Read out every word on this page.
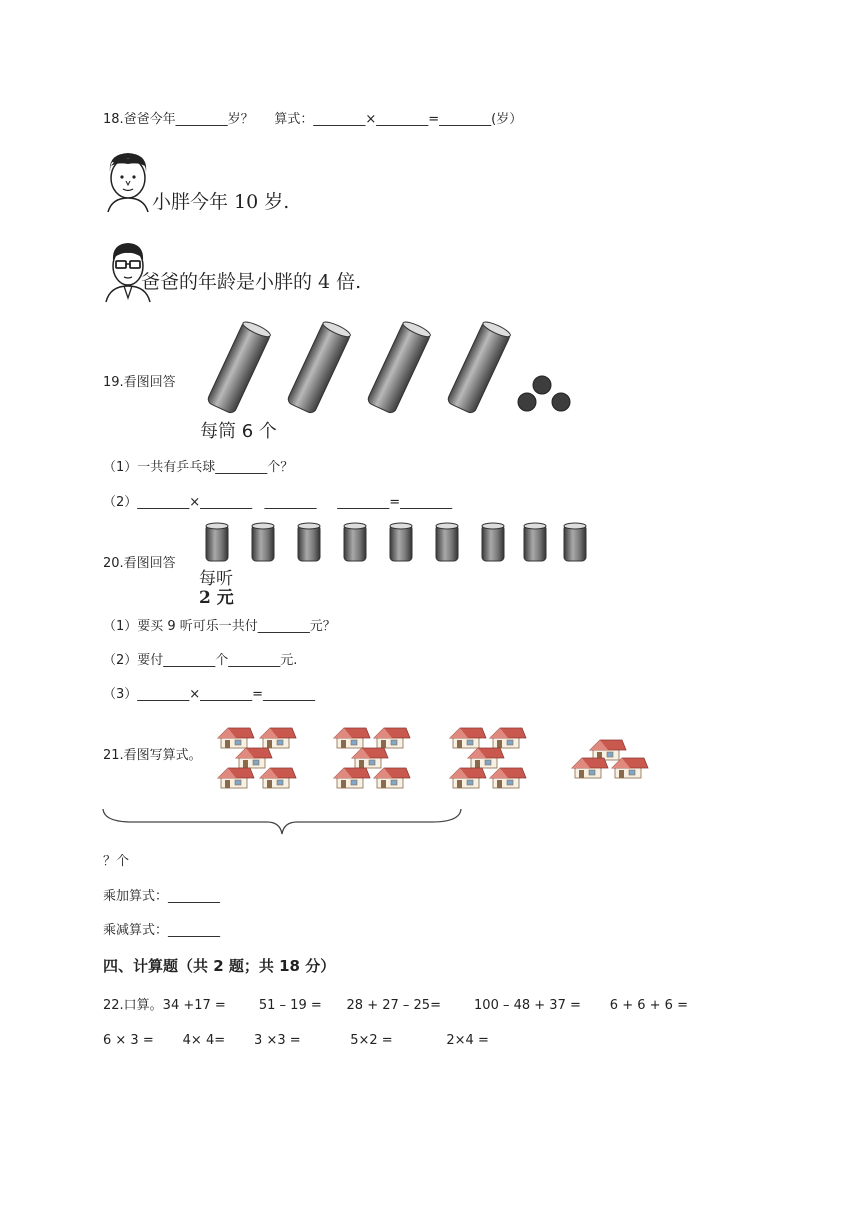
18.爸爸今年________岁？     算式：________×________=________(岁）
小胖今年 10 岁.
爸爸的年龄是小胖的 4 倍.
19.看图回答
每筒 6 个
（1）一共有乒乓球________个？
（2）________×________   ________     ________=________
20.看图回答
每听
2 元
（1）要买 9 听可乐一共付________元？
（2）要付________个________元.
（3）________×________=________
21.看图写算式。
？个
乘加算式：________
乘减算式：________
四、计算题（共 2 题；共 18 分）
22.口算。34 +17 =        51 – 19 =      28 + 27 – 25=        100 – 48 + 37 =       6 + 6 + 6 =
6 × 3 =       4× 4=       3 ×3 =            5×2 =             2×4 =
